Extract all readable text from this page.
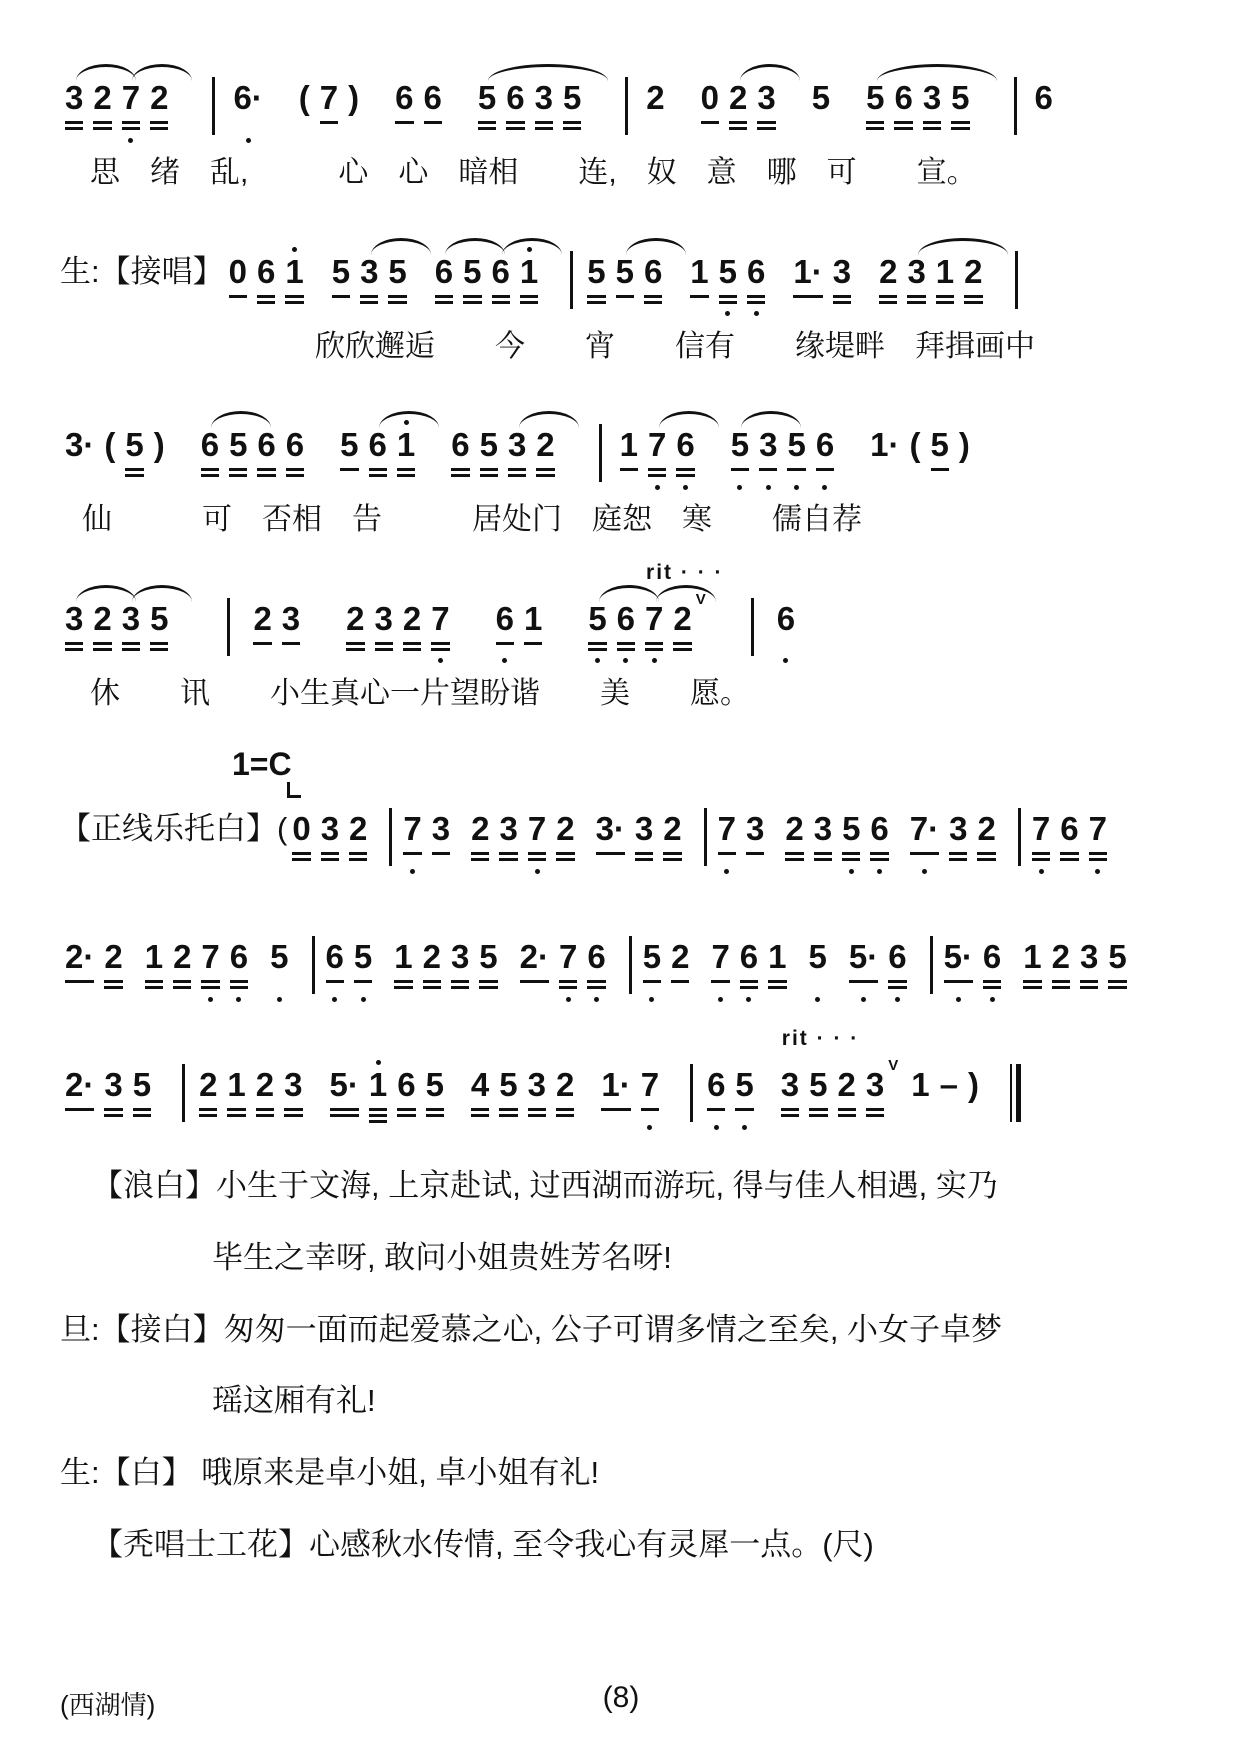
3 2 7 2 6· ( 7 ) 6 6 5 6 3 5 2 0 2 3 5 5 6 3 5 6
思　绪　乱,　　　心　心　暗相　　连,　奴　意　哪　可　　宣。
生:【接唱】 0 6 1 5 3 5 6 5 6 1 5 5 6 1 5 6 1· 3 2 3 1 2
欣欣邂逅　　今　　宵　　信有　　缘堤畔　拜揖画中
3· ( 5 ) 6 5 6 6 5 6 1 6 5 3 2 1 7 6 5 3 5 6 1· ( 5 )
仙　　　可　否相　告　　　居处门　庭恕　寒　　儒自荐
3 2 3 5	2 3 2 3 2 7 6 1 5 6 7
rit · · ·
2
V
6
休　　讯　　小生真心一片望盼谐　　美　　愿。
1=C
【正线乐托白】( 0 3 2 7 3 2 3 7 2 3· 3 2 7 3 2 3 5 6 7· 3 2 7 6 7
2· 2 1 2 7 6 5 6 5 1 2 3 5 2· 7 6 5 2 7 6 1 5 5· 6 5· 6 1 2 3 5
2· 3 5 2 1 2 3 5· 1 6 5 4 5 3 2 1· 7 6 5 3
rit · · ·
5 2 3
V
1 – )
【浪白】小生于文海, 上京赴试, 过西湖而游玩, 得与佳人相遇, 实乃
毕生之幸呀, 敢问小姐贵姓芳名呀!
旦:【接白】匆匆一面而起爱慕之心, 公子可谓多情之至矣, 小女子卓梦
瑶这厢有礼!
生:【白】 哦原来是卓小姐, 卓小姐有礼!
【秃唱士工花】心感秋水传情, 至令我心有灵犀一点。(尺)
(西湖情)	(8)
